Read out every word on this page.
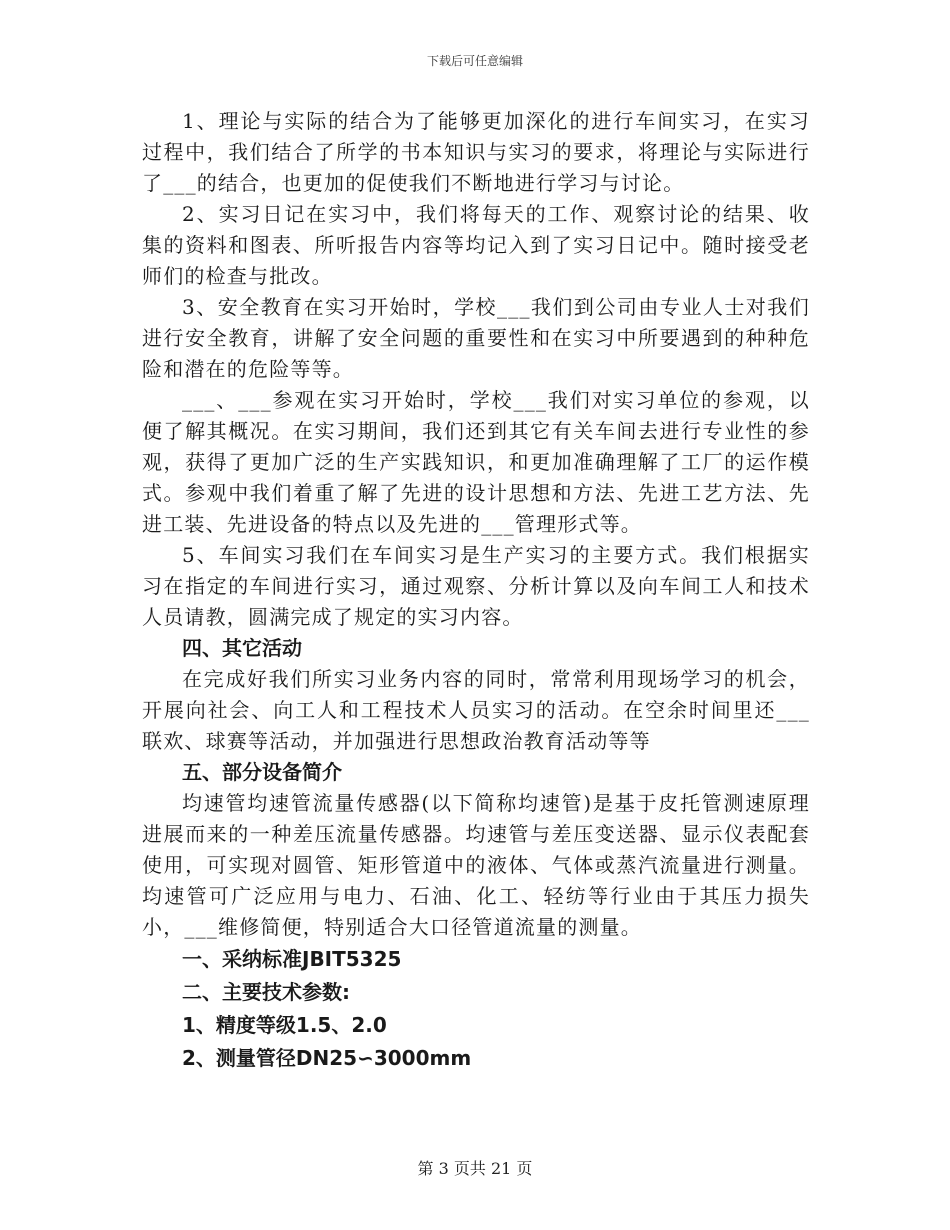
下载后可任意编辑

1、理论与实际的结合为了能够更加深化的进行车间实习，在实习过程中，我们结合了所学的书本知识与实习的要求，将理论与实际进行了___的结合，也更加的促使我们不断地进行学习与讨论。

2、实习日记在实习中，我们将每天的工作、观察讨论的结果、收集的资料和图表、所听报告内容等均记入到了实习日记中。随时接受老师们的检查与批改。

3、安全教育在实习开始时，学校___我们到公司由专业人士对我们进行安全教育，讲解了安全问题的重要性和在实习中所要遇到的种种危险和潜在的危险等等。

___、___参观在实习开始时，学校___我们对实习单位的参观，以便了解其概况。在实习期间，我们还到其它有关车间去进行专业性的参观，获得了更加广泛的生产实践知识，和更加准确理解了工厂的运作模式。参观中我们着重了解了先进的设计思想和方法、先进工艺方法、先进工装、先进设备的特点以及先进的___管理形式等。

5、车间实习我们在车间实习是生产实习的主要方式。我们根据实习在指定的车间进行实习，通过观察、分析计算以及向车间工人和技术人员请教，圆满完成了规定的实习内容。

四、其它活动

在完成好我们所实习业务内容的同时，常常利用现场学习的机会，开展向社会、向工人和工程技术人员实习的活动。在空余时间里还___联欢、球赛等活动，并加强进行思想政治教育活动等等

五、部分设备简介

均速管均速管流量传感器(以下简称均速管)是基于皮托管测速原理进展而来的一种差压流量传感器。均速管与差压变送器、显示仪表配套使用，可实现对圆管、矩形管道中的液体、气体或蒸汽流量进行测量。均速管可广泛应用与电力、石油、化工、轻纺等行业由于其压力损失小，___维修简便，特别适合大口径管道流量的测量。

一、采纳标准JBIT5325

二、主要技术参数:

1、精度等级1.5、2.0

2、测量管径DN25∽3000mm

第 3 页共 21 页
